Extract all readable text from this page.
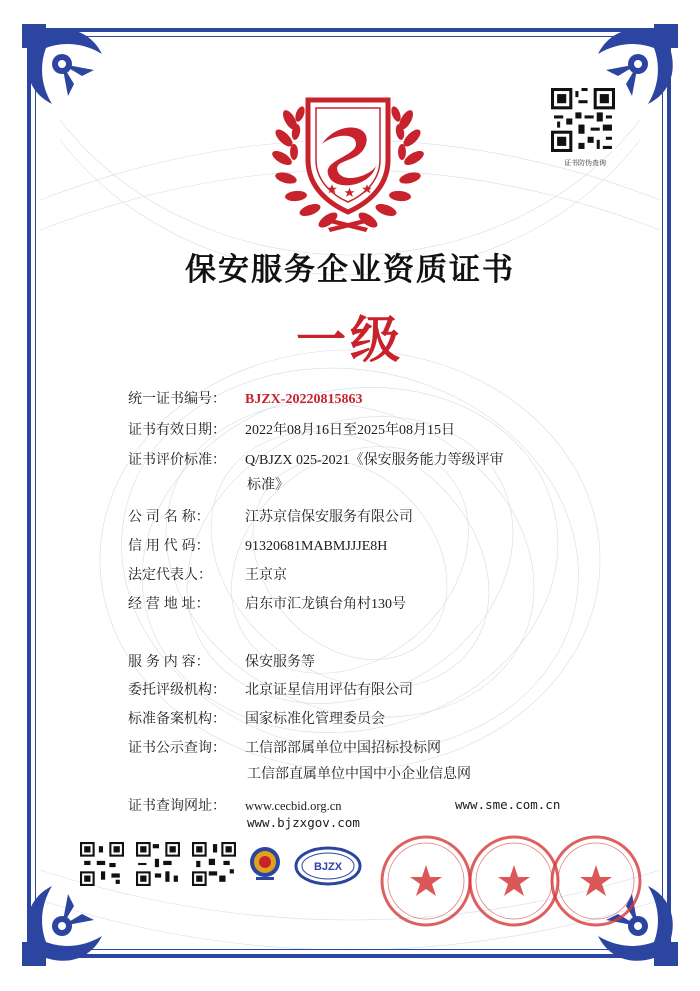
证书防伪查询
保安服务企业资质证书
一级
统一证书编号： BJZX-20220815863
证书有效日期： 2022年08月16日至2025年08月15日
证书评价标准： Q/BJZX 025-2021《保安服务能力等级评审
标准》
公 司 名 称：	江苏京信保安服务有限公司
信 用 代 码：	91320681MABMJJJE8H
法定代表人： 王京京
经 营 地 址：	启东市汇龙镇台角村130号
服 务 内 容：	保安服务等
委托评级机构： 北京证星信用评估有限公司
标准备案机构： 国家标准化管理委员会
证书公示查询： 工信部部属单位中国招标投标网
工信部直属单位中国中小企业信息网
证书查询网址： www.cecbid.org.cn	www.sme.com.cn
www.bjzxgov.com
BJZX
